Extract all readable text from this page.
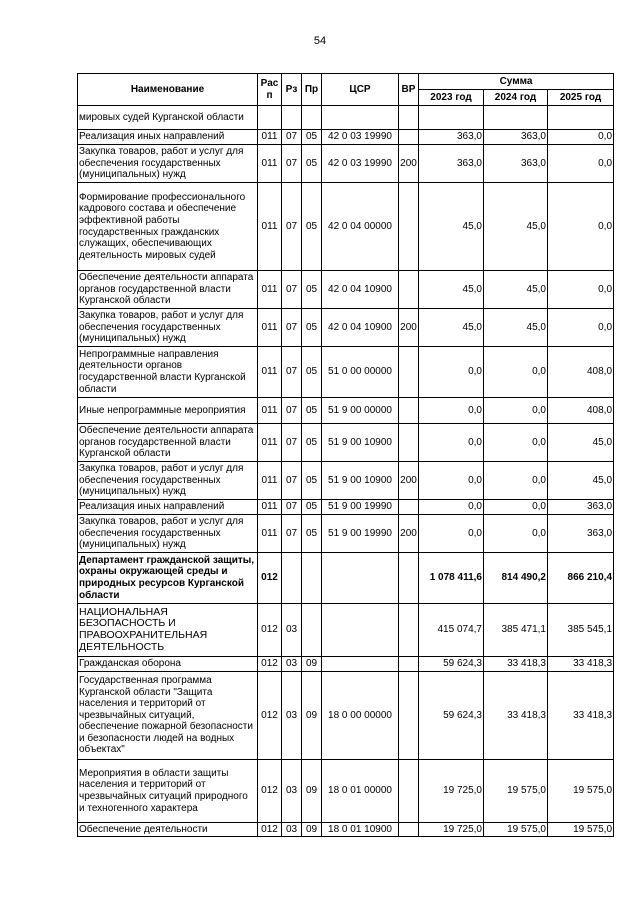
54
Наименование	Рас п	Рз	Пр	ЦСР	ВР	Сумма		
						2023 год	2024 год	2025 год
мировых судей Курганской области								
Реализация иных направлений	011	07	05	42 0 03 19990		363,0	363,0	0,0
Закупка товаров, работ и услуг для обеспечения государственных (муниципальных) нужд	011	07	05	42 0 03 19990	200	363,0	363,0	0,0
Формирование профессионального кадрового состава и обеспечение эффективной работы государственных гражданских служащих, обеспечивающих деятельность мировых судей	011	07	05	42 0 04 00000		45,0	45,0	0,0
Обеспечение деятельности аппарата органов государственной власти Курганской области	011	07	05	42 0 04 10900		45,0	45,0	0,0
Закупка товаров, работ и услуг для обеспечения государственных (муниципальных) нужд	011	07	05	42 0 04 10900	200	45,0	45,0	0,0
Непрограммные направления деятельности органов государственной власти Курганской области	011	07	05	51 0 00 00000		0,0	0,0	408,0
Иные непрограммные мероприятия	011	07	05	51 9 00 00000		0,0	0,0	408,0
Обеспечение деятельности аппарата органов государственной власти Курганской области	011	07	05	51 9 00 10900		0,0	0,0	45,0
Закупка товаров, работ и услуг для обеспечения государственных (муниципальных) нужд	011	07	05	51 9 00 10900	200	0,0	0,0	45,0
Реализация иных направлений	011	07	05	51 9 00 19990		0,0	0,0	363,0
Закупка товаров, работ и услуг для обеспечения государственных (муниципальных) нужд	011	07	05	51 9 00 19990	200	0,0	0,0	363,0
Департамент гражданской защиты, охраны окружающей среды и природных ресурсов Курганской области	012					1 078 411,6	814 490,2	866 210,4
НАЦИОНАЛЬНАЯ БЕЗОПАСНОСТЬ И ПРАВООХРАНИТЕЛЬНАЯ ДЕЯТЕЛЬНОСТЬ	012	03				415 074,7	385 471,1	385 545,1
Гражданская оборона	012	03	09			59 624,3	33 418,3	33 418,3
Государственная программа Курганской области "Защита населения и территорий от чрезвычайных ситуаций, обеспечение пожарной безопасности и безопасности людей на водных объектах"	012	03	09	18 0 00 00000		59 624,3	33 418,3	33 418,3
Мероприятия в области защиты населения и территорий от чрезвычайных ситуаций природного и техногенного характера	012	03	09	18 0 01 00000		19 725,0	19 575,0	19 575,0
Обеспечение деятельности	012	03	09	18 0 01 10900		19 725,0	19 575,0	19 575,0
